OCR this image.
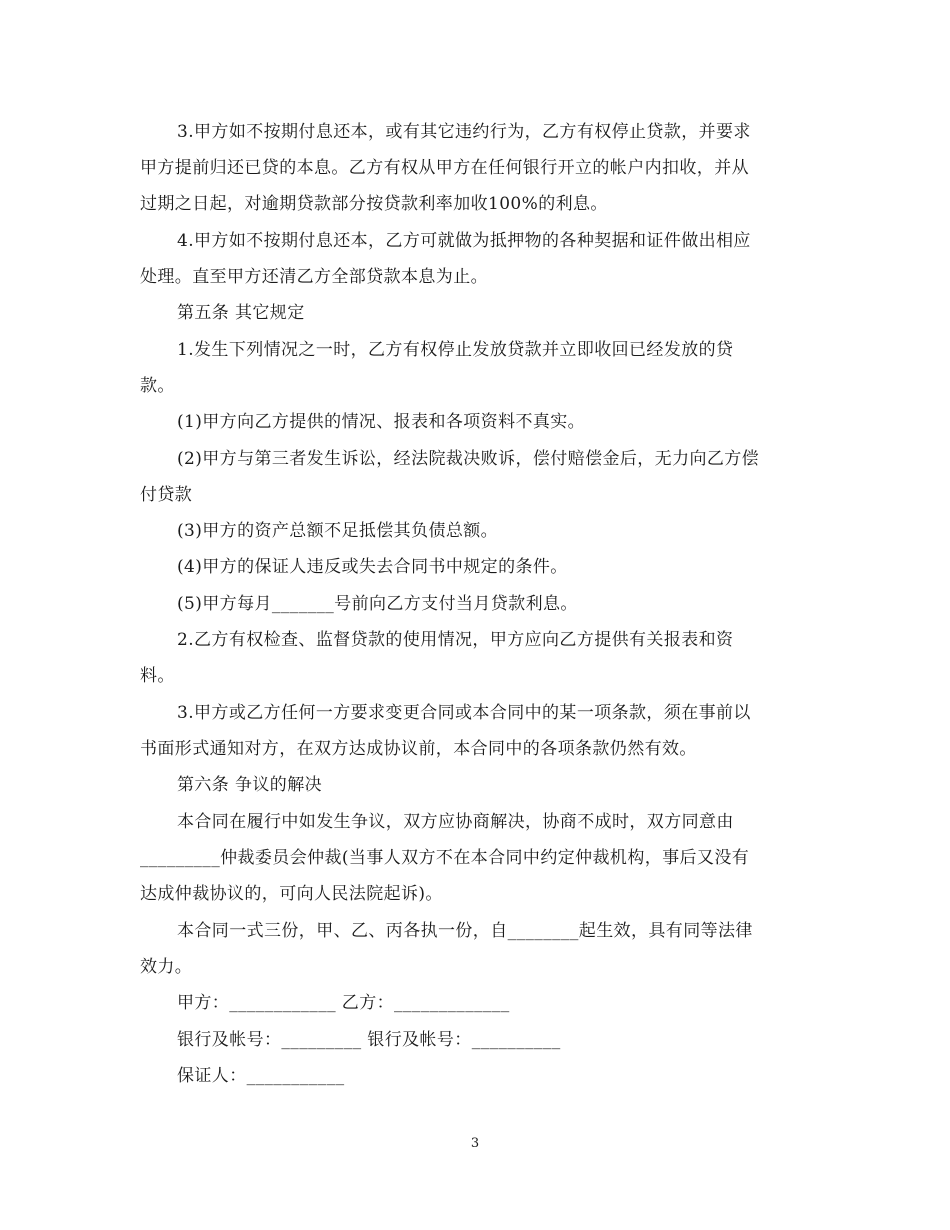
3.甲方如不按期付息还本，或有其它违约行为，乙方有权停止贷款，并要求
甲方提前归还已贷的本息。乙方有权从甲方在任何银行开立的帐户内扣收，并从
过期之日起，对逾期贷款部分按贷款利率加收100%的利息。
4.甲方如不按期付息还本，乙方可就做为抵押物的各种契据和证件做出相应
处理。直至甲方还清乙方全部贷款本息为止。
第五条 其它规定
1.发生下列情况之一时，乙方有权停止发放贷款并立即收回已经发放的贷
款。
(1)甲方向乙方提供的情况、报表和各项资料不真实。
(2)甲方与第三者发生诉讼，经法院裁决败诉，偿付赔偿金后，无力向乙方偿
付贷款
(3)甲方的资产总额不足抵偿其负债总额。
(4)甲方的保证人违反或失去合同书中规定的条件。
(5)甲方每月_______号前向乙方支付当月贷款利息。
2.乙方有权检查、监督贷款的使用情况，甲方应向乙方提供有关报表和资
料。
3.甲方或乙方任何一方要求变更合同或本合同中的某一项条款，须在事前以
书面形式通知对方，在双方达成协议前，本合同中的各项条款仍然有效。
第六条 争议的解决
本合同在履行中如发生争议，双方应协商解决，协商不成时，双方同意由
_________仲裁委员会仲裁(当事人双方不在本合同中约定仲裁机构，事后又没有
达成仲裁协议的，可向人民法院起诉)。
本合同一式三份，甲、乙、丙各执一份，自________起生效，具有同等法律
效力。
甲方：____________ 乙方：_____________
银行及帐号：_________ 银行及帐号：__________
保证人：___________
3
